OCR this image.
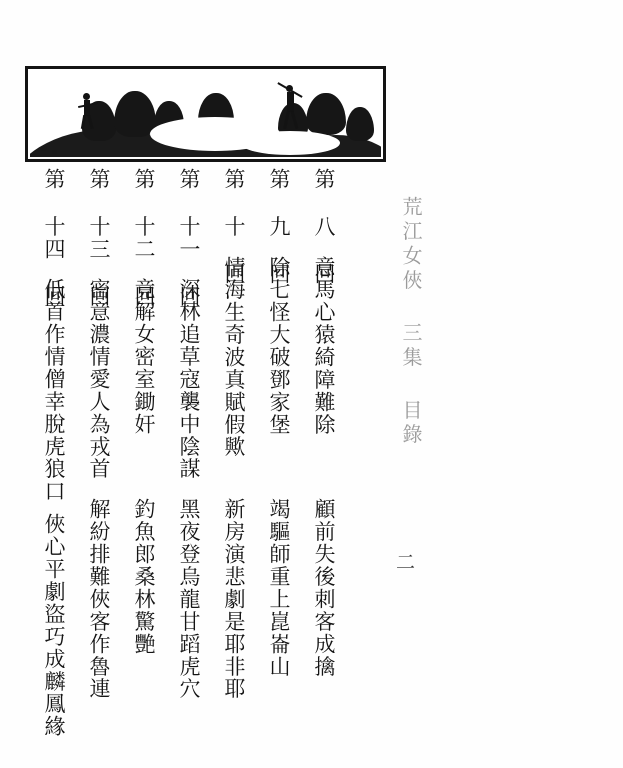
荒江女俠 三集 目錄
二
第 八 回
意馬心猿綺障難除
顧前失後刺客成擒
第 九 回
除七怪大破鄧家堡
竭驅師重上崑崙山
第 十 回
情海生奇波真賦假歟
新房演悲劇是耶非耶
第 十一 回
深林追草寇襲中陰謀
黑夜登烏龍甘蹈虎穴
第 十二 回
竟解女密室鋤奸
釣魚郎桑林驚艷
第 十三 回
密意濃情愛人為戎首
解紛排難俠客作魯連
第 十四 回
低首作情僧幸脫虎狼口
俠心平劇盜巧成麟鳳緣
